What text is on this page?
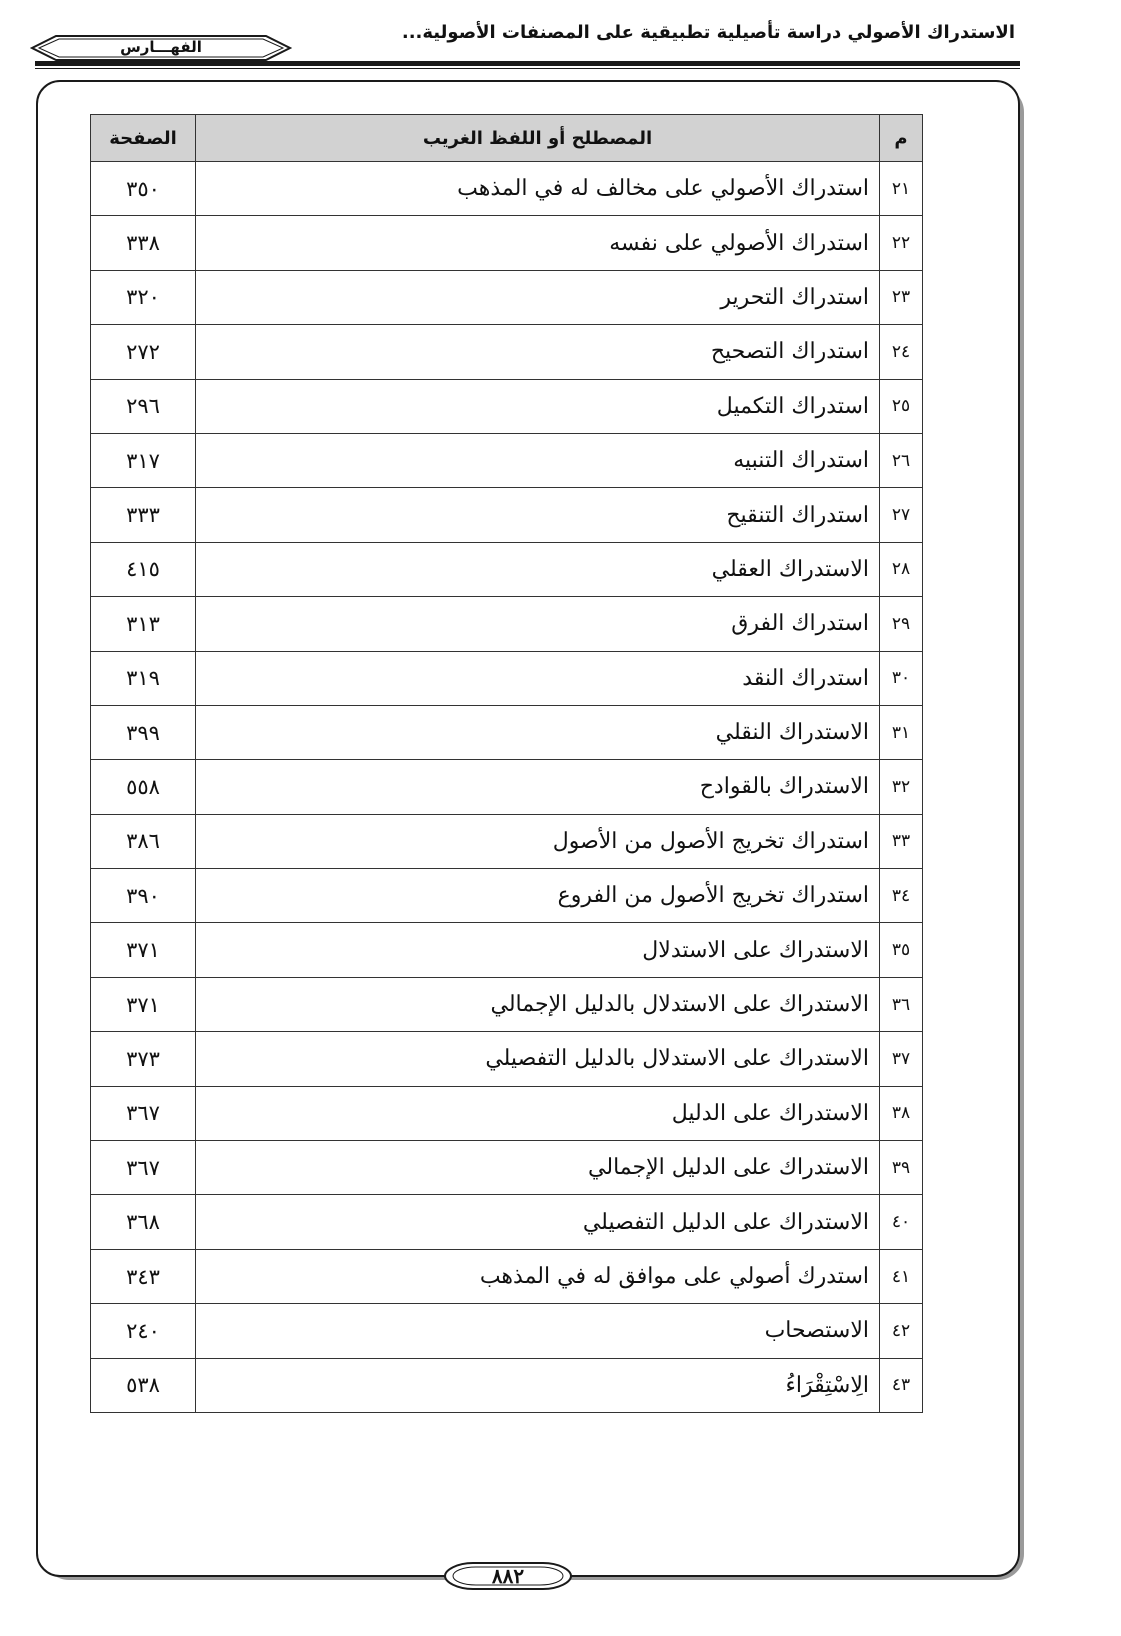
الاستدراك الأصولي دراسة تأصيلية تطبيقية على المصنفات الأصولية...
الفهـــارس
م	المصطلح أو اللفظ الغريب	الصفحة
٢١	استدراك الأصولي على مخالف له في المذهب	٣٥٠
٢٢	استدراك الأصولي على نفسه	٣٣٨
٢٣	استدراك التحرير	٣٢٠
٢٤	استدراك التصحيح	٢٧٢
٢٥	استدراك التكميل	٢٩٦
٢٦	استدراك التنبيه	٣١٧
٢٧	استدراك التنقيح	٣٣٣
٢٨	الاستدراك العقلي	٤١٥
٢٩	استدراك الفرق	٣١٣
٣٠	استدراك النقد	٣١٩
٣١	الاستدراك النقلي	٣٩٩
٣٢	الاستدراك بالقوادح	٥٥٨
٣٣	استدراك تخريج الأصول من الأصول	٣٨٦
٣٤	استدراك تخريج الأصول من الفروع	٣٩٠
٣٥	الاستدراك على الاستدلال	٣٧١
٣٦	الاستدراك على الاستدلال بالدليل الإجمالي	٣٧١
٣٧	الاستدراك على الاستدلال بالدليل التفصيلي	٣٧٣
٣٨	الاستدراك على الدليل	٣٦٧
٣٩	الاستدراك على الدليل الإجمالي	٣٦٧
٤٠	الاستدراك على الدليل التفصيلي	٣٦٨
٤١	استدرك أصولي على موافق له في المذهب	٣٤٣
٤٢	الاستصحاب	٢٤٠
٤٣	الِاسْتِقْرَاءُ	٥٣٨
٨٨٢
